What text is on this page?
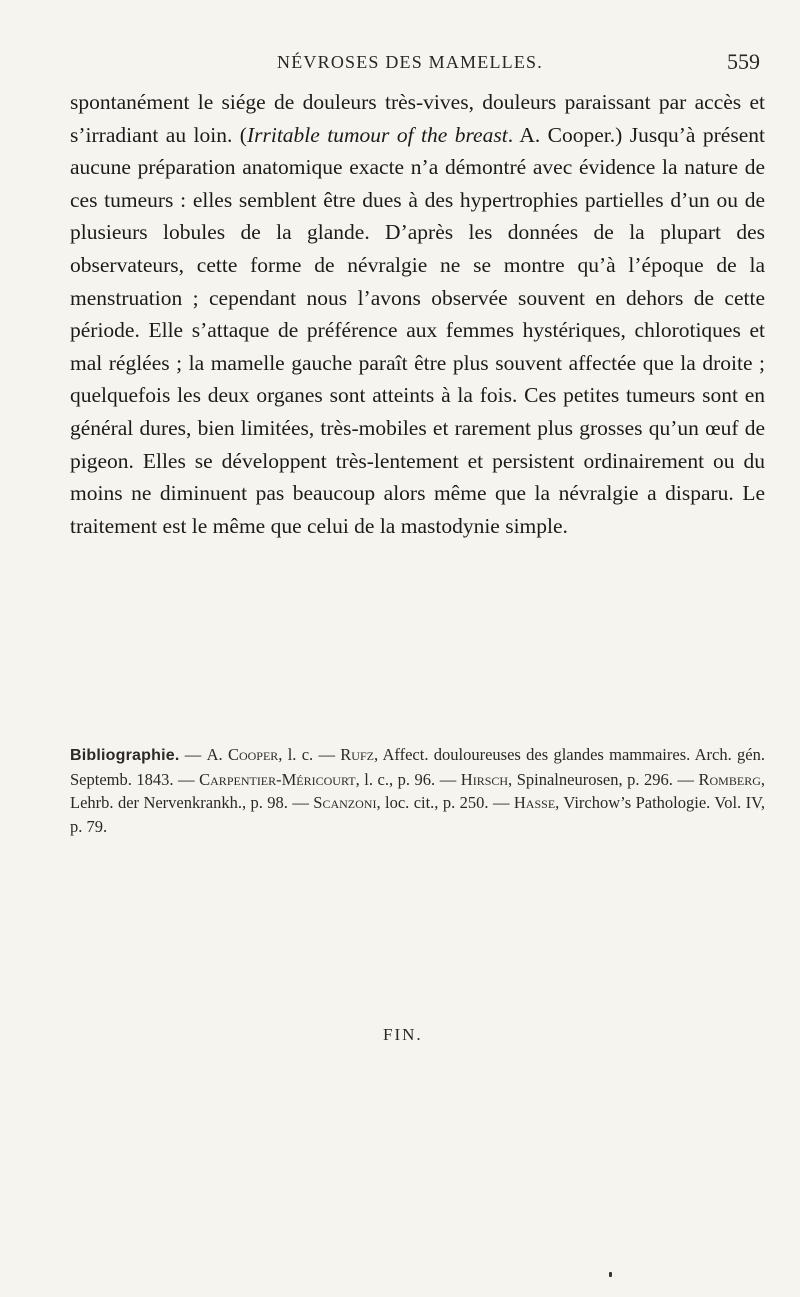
NÉVROSES DES MAMELLES.	559

spontanément le siége de douleurs très-vives, douleurs paraissant par accès et s’irradiant au loin. (Irritable tumour of the breast. A. Cooper.) Jusqu’à présent aucune préparation anatomique exacte n’a démontré avec évidence la nature de ces tumeurs : elles semblent être dues à des hypertrophies partielles d’un ou de plusieurs lobules de la glande. D’après les données de la plupart des observateurs, cette forme de névralgie ne se montre qu’à l’époque de la menstruation ; cependant nous l’avons observée souvent en dehors de cette période. Elle s’attaque de préférence aux femmes hystériques, chlorotiques et mal réglées ; la mamelle gauche paraît être plus souvent affectée que la droite ; quelquefois les deux organes sont atteints à la fois. Ces petites tumeurs sont en général dures, bien limitées, très-mobiles et rarement plus grosses qu’un œuf de pigeon. Elles se développent très-lentement et persistent ordinairement ou du moins ne diminuent pas beaucoup alors même que la névralgie a disparu. Le traitement est le même que celui de la mastodynie simple.

Bibliographie. — A. Cooper, l. c. — Rufz, Affect. douloureuses des glandes mammaires. Arch. gén. Septemb. 1843. — Carpentier-Méricourt, l. c., p. 96. — Hirsch, Spinalneurosen, p. 296. — Romberg, Lehrb. der Nervenkrankh., p. 98. — Scanzoni, loc. cit., p. 250. — Hasse, Virchow’s Pathologie. Vol. IV, p. 79.

FIN.
